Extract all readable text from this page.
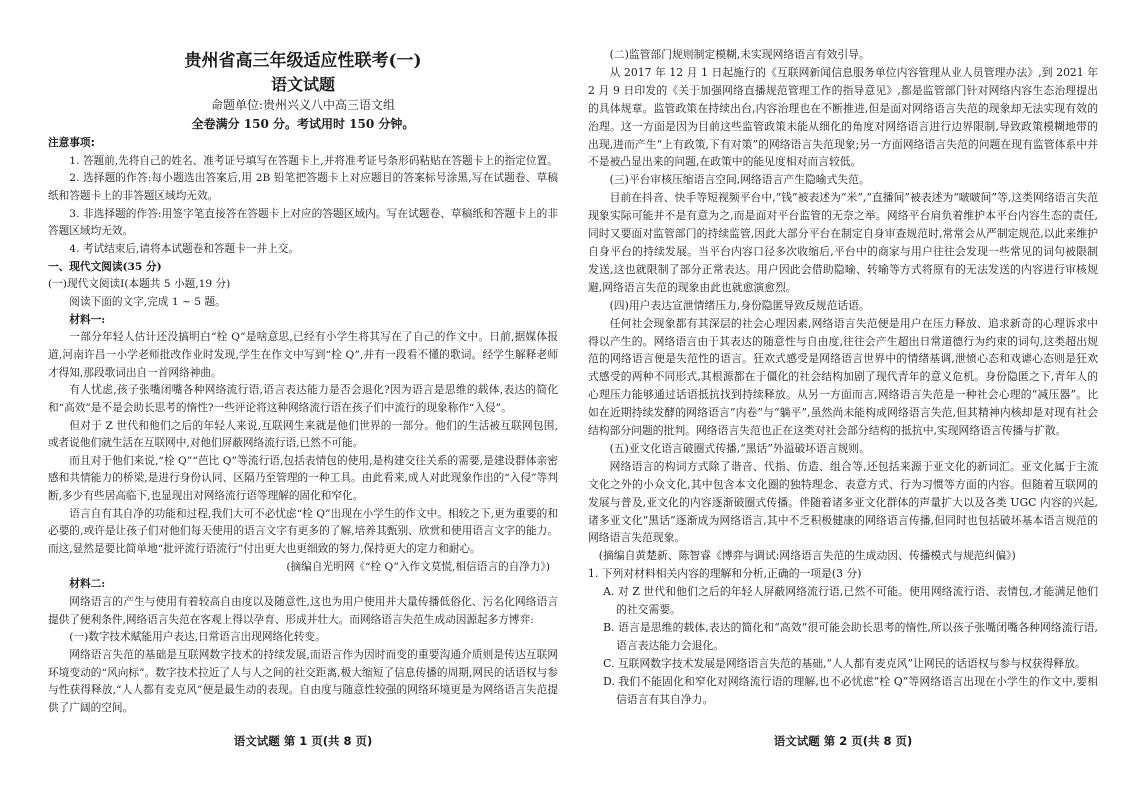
贵州省高三年级适应性联考(一)
语文试题
命题单位:贵州兴义八中高三语文组
全卷满分 150 分。考试用时 150 分钟。
注意事项:

1. 答题前,先将自己的姓名、准考证号填写在答题卡上,并将准考证号条形码粘贴在答题卡上的指定位置。

2. 选择题的作答:每小题选出答案后,用 2B 铅笔把答题卡上对应题目的答案标号涂黑,写在试题卷、草稿纸和答题卡上的非答题区域均无效。

3. 非选择题的作答:用签字笔直接答在答题卡上对应的答题区域内。写在试题卷、草稿纸和答题卡上的非答题区域均无效。

4. 考试结束后,请将本试题卷和答题卡一并上交。

一、现代文阅读(35 分)
(一)现代文阅读Ⅰ(本题共 5 小题,19 分)

阅读下面的文字,完成 1 ~ 5 题。

材料一:

一部分年轻人估计还没搞明白“栓 Q”是啥意思,已经有小学生将其写在了自己的作文中。日前,据媒体报道,河南许昌一小学老师批改作业时发现,学生在作文中写到“栓 Q”,并有一段看不懂的歌词。经学生解释老师才得知,那段歌词出自一首网络神曲。

有人忧虑,孩子张嘴闭嘴各种网络流行语,语言表达能力是否会退化?因为语言是思维的载体,表达的简化和“高效”是不是会助长思考的惰性?一些评论将这种网络流行语在孩子们中流行的现象称作“入侵”。

但对于 Z 世代和他们之后的年轻人来说,互联网生来就是他们世界的一部分。他们的生活被互联网包围,或者说他们就生活在互联网中,对他们屏蔽网络流行语,已然不可能。

而且对于他们来说,“栓 Q”“芭比 Q”等流行语,包括表情包的使用,是构建交往关系的需要,是建设群体亲密感和共情能力的桥梁,是进行身份认同、区隔乃至管理的一种工具。由此看来,成人对此现象作出的“入侵”等判断,多少有些居高临下,也显现出对网络流行语等理解的固化和窄化。

语言自有其自净的功能和过程,我们大可不必忧虑“栓 Q”出现在小学生的作文中。相较之下,更为重要的和必要的,或许是让孩子们对他们每天使用的语言文字有更多的了解,培养其甄别、欣赏和使用语言文字的能力。而这,显然是要比简单地“批评流行语流行”付出更大也更细致的努力,保持更大的定力和耐心。

(摘编自光明网《“栓 Q”入作文莫慌,相信语言的自净力》)
材料二:

网络语言的产生与使用有着较高自由度以及随意性,这也为用户使用并大量传播低俗化、污名化网络语言提供了便利条件,网络语言失范在客观上得以孕育、形成并壮大。而网络语言失范生成动因源起多方博弈:

(一)数字技术赋能用户表达,日常语言出现网络化转变。

网络语言失范的基础是互联网数字技术的持续发展,而语言作为因时而变的重要沟通介质则是传达互联网环境变动的“风向标”。数字技术拉近了人与人之间的社交距离,极大缩短了信息传播的周期,网民的话语权与参与性获得释放,“人人都有麦克风”便是最生动的表现。自由度与随意性较强的网络环境更是为网络语言失范提供了广阔的空间。

(二)监管部门规则制定模糊,未实现网络语言有效引导。

从 2017 年 12 月 1 日起施行的《互联网新闻信息服务单位内容管理从业人员管理办法》,到 2021 年 2 月 9 日印发的《关于加强网络直播规范管理工作的指导意见》,都是监管部门针对网络内容生态治理提出的具体规章。监管政策在持续出台,内容治理也在不断推进,但是面对网络语言失范的现象却无法实现有效的治理。这一方面是因为目前这些监管政策未能从细化的角度对网络语言进行边界限制,导致政策模糊地带的出现,进而产生“上有政策,下有对策”的网络语言失范现象;另一方面网络语言失范的问题在现有监管体系中并不是被凸显出来的问题,在政策中的能见度相对而言较低。

(三)平台审核压缩语言空间,网络语言产生隐喻式失范。

目前在抖音、快手等短视频平台中,“钱”被表述为“米”,“直播间”被表述为“啵啵间”等,这类网络语言失范现象实际可能并不是有意为之,而是面对平台监管的无奈之举。网络平台肩负着维护本平台内容生态的责任,同时又要面对监管部门的持续监管,因此大部分平台在制定自身审查规范时,常常会从严制定规范,以此来维护自身平台的持续发展。当平台内容口径多次收缩后,平台中的商家与用户往往会发现一些常见的词句被限制发送,这也就限制了部分正常表达。用户因此会借助隐喻、转喻等方式将原有的无法发送的内容进行审核规避,网络语言失范的现象由此也就愈演愈烈。

(四)用户表达宣泄情绪压力,身份隐匿导致反规范话语。

任何社会现象都有其深层的社会心理因素,网络语言失范便是用户在压力释放、追求新奇的心理诉求中得以产生的。网络语言由于其表达的随意性与自由度,往往会产生超出日常道德行为约束的词句,这类超出规范的网络语言便是失范性的语言。狂欢式感受是网络语言世界中的情绪基调,泄愤心态和戏谑心态则是狂欢式感受的两种不同形式,其根源都在于僵化的社会结构加剧了现代青年的意义危机。身份隐匿之下,青年人的心理压力能够通过话语抵抗找到持续释放。从另一方面而言,网络语言失范是一种社会心理的“减压器”。比如在近期持续发酵的网络语言“内卷”与“躺平”,虽然尚未能构成网络语言失范,但其精神内核却是对现有社会结构部分问题的批判。网络语言失范也正在这类对社会部分结构的抵抗中,实现网络语言传播与扩散。

(五)亚文化语言破圈式传播,“黑话”外溢破坏语言规则。

网络语言的构词方式除了谐音、代指、仿造、组合等,还包括来源于亚文化的新词汇。亚文化属于主流文化之外的小众文化,其中包含本文化圈的独特理念、表意方式、行为习惯等方面的内容。但随着互联网的发展与普及,亚文化的内容逐渐破圈式传播。伴随着诸多亚文化群体的声量扩大以及各类 UGC 内容的兴起,诸多亚文化“黑话”逐渐成为网络语言,其中不乏积极健康的网络语言传播,但同时也包括破坏基本语言规范的网络语言失范现象。

(摘编自黄楚新、陈智睿《博弈与调试:网络语言失范的生成动因、传播模式与规范纠偏》)
1. 下列对材料相关内容的理解和分析,正确的一项是(3 分)

A. 对 Z 世代和他们之后的年轻人屏蔽网络流行语,已然不可能。使用网络流行语、表情包,才能满足他们的社交需要。

B. 语言是思维的载体,表达的简化和“高效”很可能会助长思考的惰性,所以孩子张嘴闭嘴各种网络流行语,语言表达能力会退化。

C. 互联网数字技术发展是网络语言失范的基础,“人人都有麦克风”让网民的话语权与参与权获得释放。

D. 我们不能固化和窄化对网络流行语的理解,也不必忧虑“栓 Q”等网络语言出现在小学生的作文中,要相信语言有其自净力。

语文试题 第 1 页(共 8 页)	语文试题 第 2 页(共 8 页)
